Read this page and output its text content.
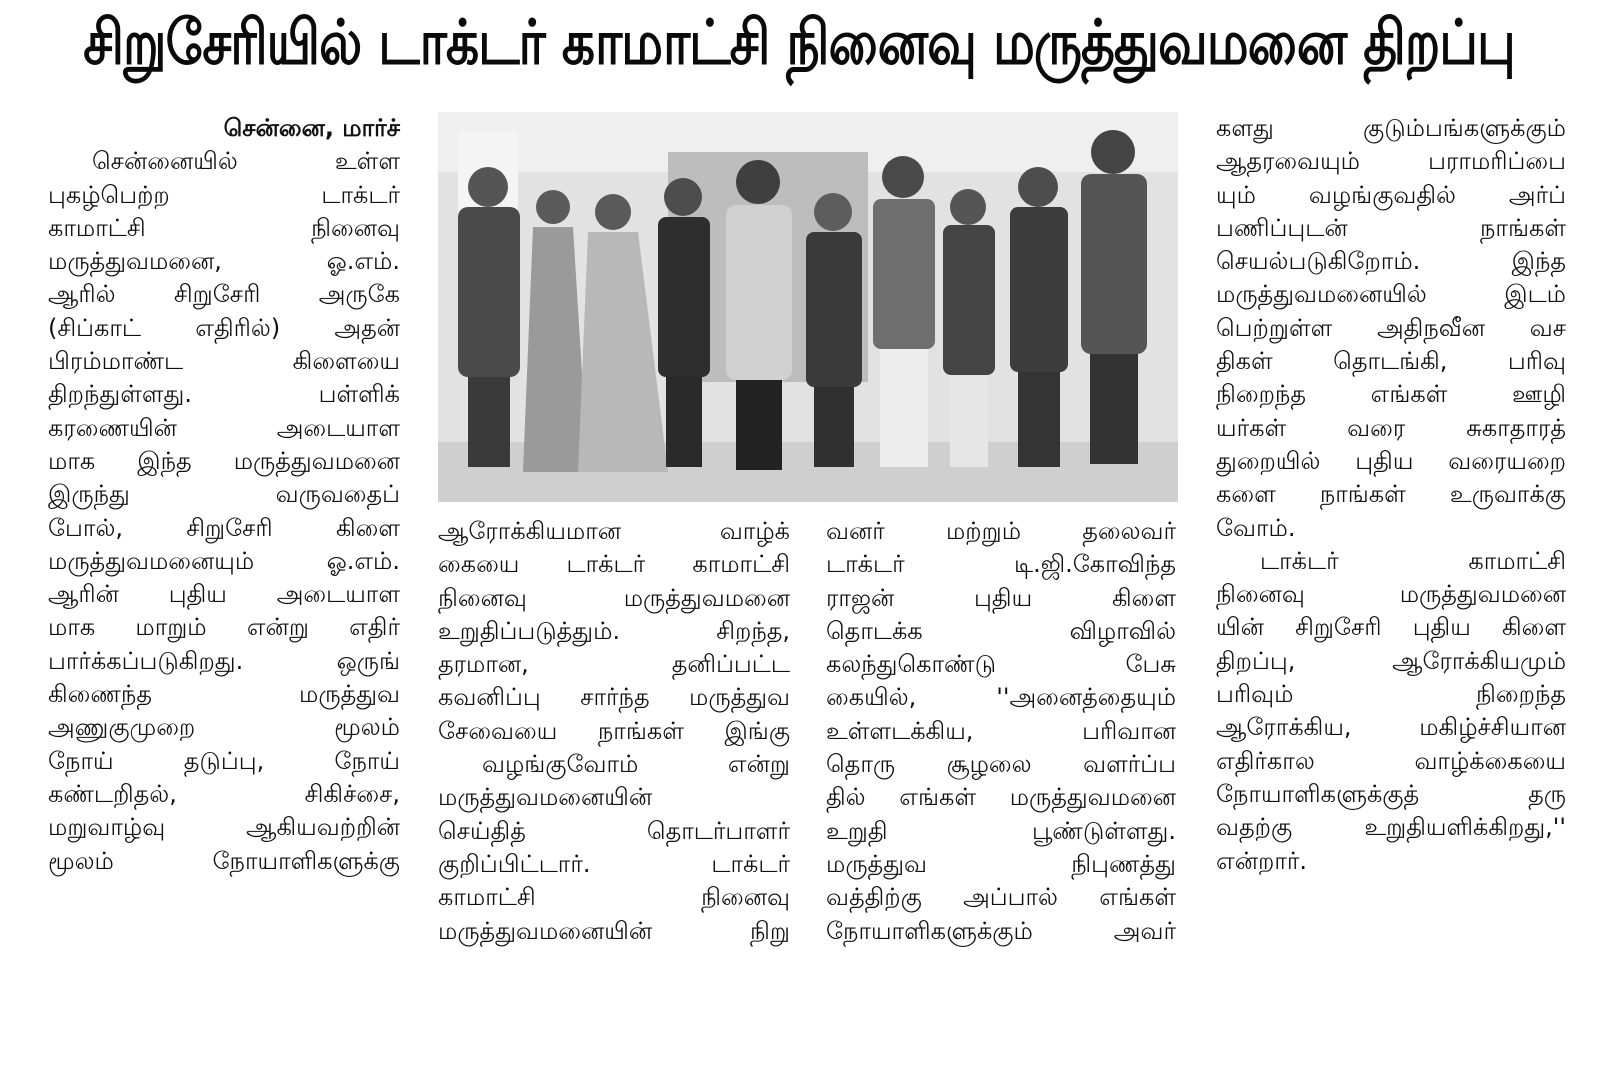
சிறுசேரியில் டாக்டர் காமாட்சி நினைவு மருத்துவமனை திறப்பு
சென்னை, மார்ச்
சென்னையில் உள்ள
புகழ்பெற்ற டாக்டர்
காமாட்சி நினைவு
மருத்துவமனை, ஓ.எம்.
ஆரில் சிறுசேரி அருகே
(சிப்காட் எதிரில்) அதன்
பிரம்மாண்ட கிளையை
திறந்துள்ளது. பள்ளிக்
கரணையின் அடையாள
மாக இந்த மருத்துவமனை
இருந்து வருவதைப்
போல், சிறுசேரி கிளை
மருத்துவமனையும் ஓ.எம்.
ஆரின் புதிய அடையாள
மாக மாறும் என்று எதிர்
பார்க்கப்படுகிறது. ஒருங்
கிணைந்த மருத்துவ
அணுகுமுறை மூலம்
நோய் தடுப்பு, நோய்
கண்டறிதல், சிகிச்சை,
மறுவாழ்வு ஆகியவற்றின்
மூலம் நோயாளிகளுக்கு
ஆரோக்கியமான வாழ்க்
கையை டாக்டர் காமாட்சி
நினைவு மருத்துவமனை
உறுதிப்படுத்தும். சிறந்த,
தரமான, தனிப்பட்ட
கவனிப்பு சார்ந்த மருத்துவ
சேவையை நாங்கள் இங்கு
வழங்குவோம் என்று
மருத்துவமனையின்
செய்தித் தொடர்பாளர்
குறிப்பிட்டார். டாக்டர்
காமாட்சி நினைவு
மருத்துவமனையின் நிறு
வனர் மற்றும் தலைவர்
டாக்டர் டி.ஜி.கோவிந்த
ராஜன் புதிய கிளை
தொடக்க விழாவில்
கலந்துகொண்டு பேசு
கையில், ''அனைத்தையும்
உள்ளடக்கிய, பரிவான
தொரு சூழலை வளர்ப்ப
தில் எங்கள் மருத்துவமனை
உறுதி பூண்டுள்ளது.
மருத்துவ நிபுணத்து
வத்திற்கு அப்பால் எங்கள்
நோயாளிகளுக்கும் அவர்
களது குடும்பங்களுக்கும்
ஆதரவையும் பராமரிப்பை
யும் வழங்குவதில் அர்ப்
பணிப்புடன் நாங்கள்
செயல்படுகிறோம். இந்த
மருத்துவமனையில் இடம்
பெற்றுள்ள அதிநவீன வச
திகள் தொடங்கி, பரிவு
நிறைந்த எங்கள் ஊழி
யர்கள் வரை சுகாதாரத்
துறையில் புதிய வரையறை
களை நாங்கள் உருவாக்கு
வோம்.
டாக்டர் காமாட்சி
நினைவு மருத்துவமனை
யின் சிறுசேரி புதிய கிளை
திறப்பு, ஆரோக்கியமும்
பரிவும் நிறைந்த
ஆரோக்கிய, மகிழ்ச்சியான
எதிர்கால வாழ்க்கையை
நோயாளிகளுக்குத் தரு
வதற்கு உறுதியளிக்கிறது,''
என்றார்.
